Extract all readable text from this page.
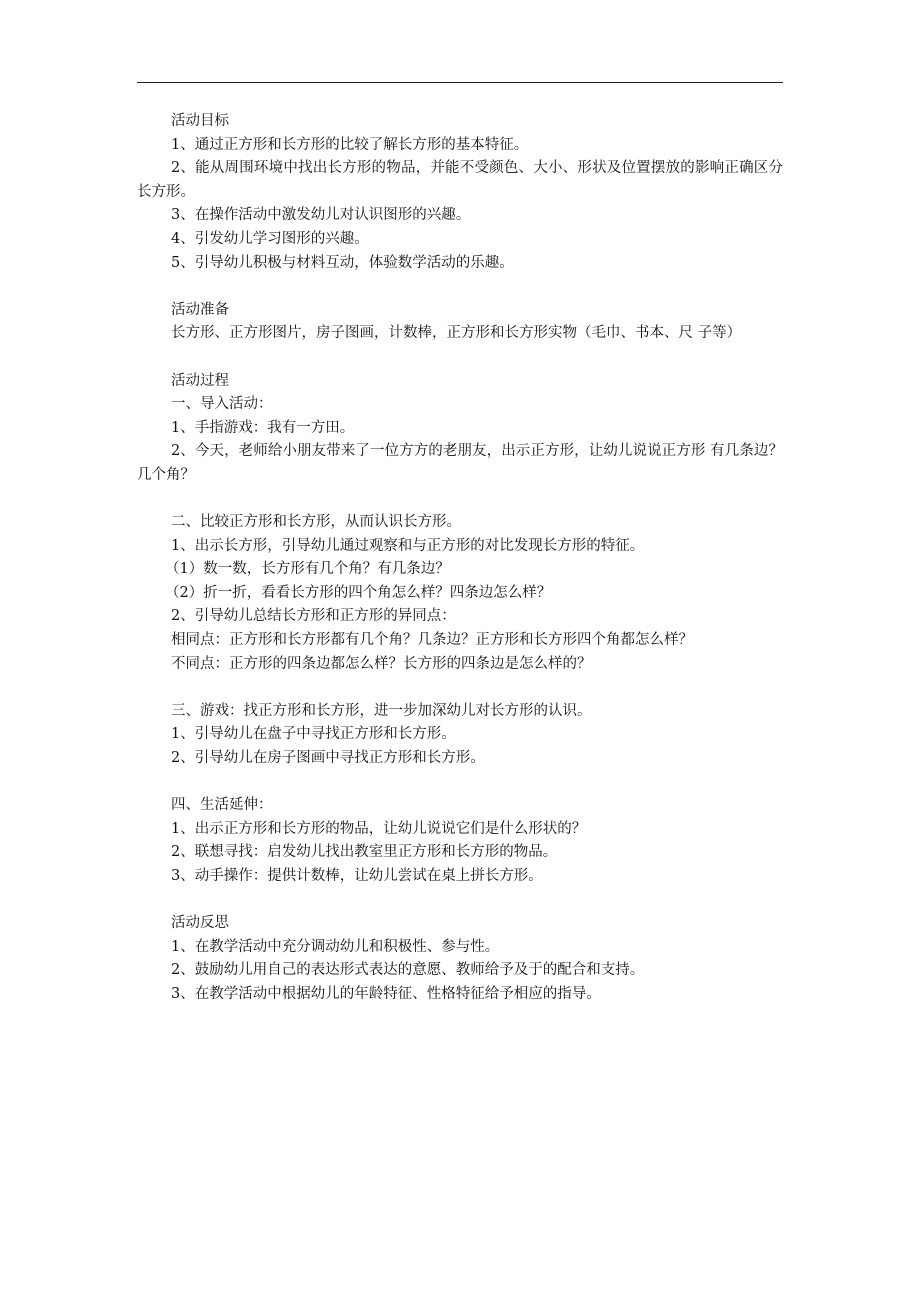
活动目标
1、通过正方形和长方形的比较了解长方形的基本特征。
2、能从周围环境中找出长方形的物品，并能不受颜色、大小、形状及位置摆放的影响正确区分长方形。
3、在操作活动中激发幼儿对认识图形的兴趣。
4、引发幼儿学习图形的兴趣。
5、引导幼儿积极与材料互动，体验数学活动的乐趣。
活动准备
长方形、正方形图片，房子图画，计数棒，正方形和长方形实物（毛巾、书本、尺 子等）
活动过程
一、导入活动：
1、手指游戏：我有一方田。
2、今天，老师给小朋友带来了一位方方的老朋友，出示正方形，让幼儿说说正方形 有几条边？几个角？
二、比较正方形和长方形，从而认识长方形。
1、出示长方形，引导幼儿通过观察和与正方形的对比发现长方形的特征。
（1）数一数，长方形有几个角？有几条边？
（2）折一折，看看长方形的四个角怎么样？四条边怎么样？
2、引导幼儿总结长方形和正方形的异同点：
相同点：正方形和长方形都有几个角？几条边？正方形和长方形四个角都怎么样？
不同点：正方形的四条边都怎么样？长方形的四条边是怎么样的？
三、游戏：找正方形和长方形，进一步加深幼儿对长方形的认识。
1、引导幼儿在盘子中寻找正方形和长方形。
2、引导幼儿在房子图画中寻找正方形和长方形。
四、生活延伸：
1、出示正方形和长方形的物品，让幼儿说说它们是什么形状的？
2、联想寻找：启发幼儿找出教室里正方形和长方形的物品。
3、动手操作：提供计数棒，让幼儿尝试在桌上拼长方形。
活动反思
1、在教学活动中充分调动幼儿和积极性、参与性。
2、鼓励幼儿用自己的表达形式表达的意愿、教师给予及于的配合和支持。
3、在教学活动中根据幼儿的年龄特征、性格特征给予相应的指导。
